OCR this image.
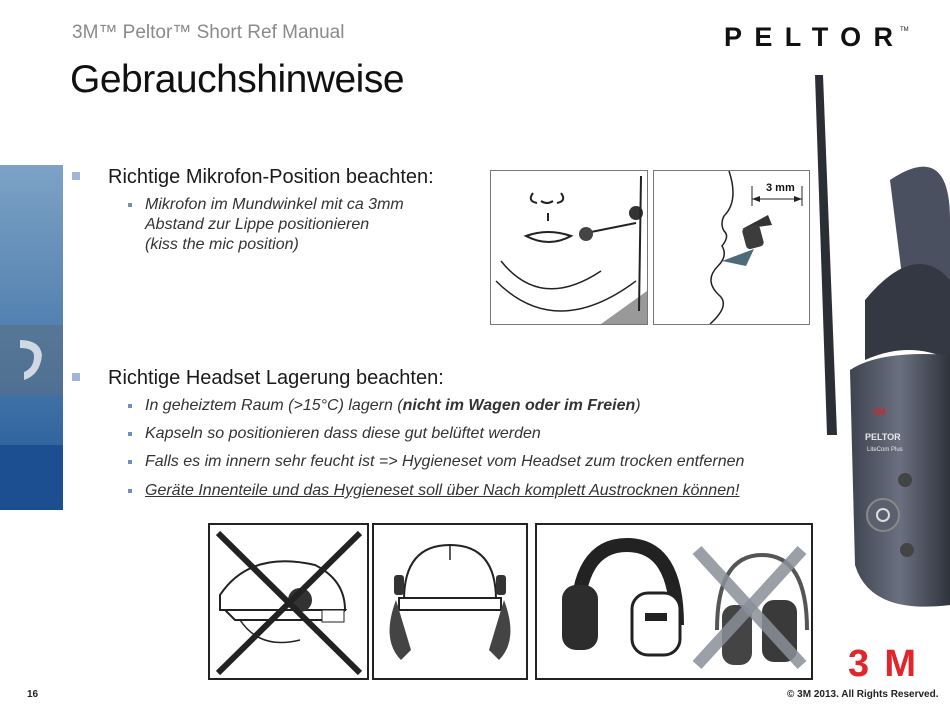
3M™ Peltor™ Short Ref Manual	PELTOR TM
Gebrauchshinweise
3M
PELTOR
LiteCom Plus
Richtige Mikrofon-Position beachten:
Mikrofon im Mundwinkel mit ca 3mm
Abstand zur Lippe positionieren
(kiss the mic position)
3 mm
Richtige Headset Lagerung beachten:
In geheiztem Raum (>15°C) lagern (nicht im Wagen oder im Freien)
Kapseln so positionieren dass diese gut belüftet werden
Falls es im innern sehr feucht ist => Hygieneset vom Headset zum trocken entfernen
Geräte Innenteile und das Hygieneset soll über Nach komplett Austrocknen können!
16	© 3M 2013. All Rights Reserved.
3M
